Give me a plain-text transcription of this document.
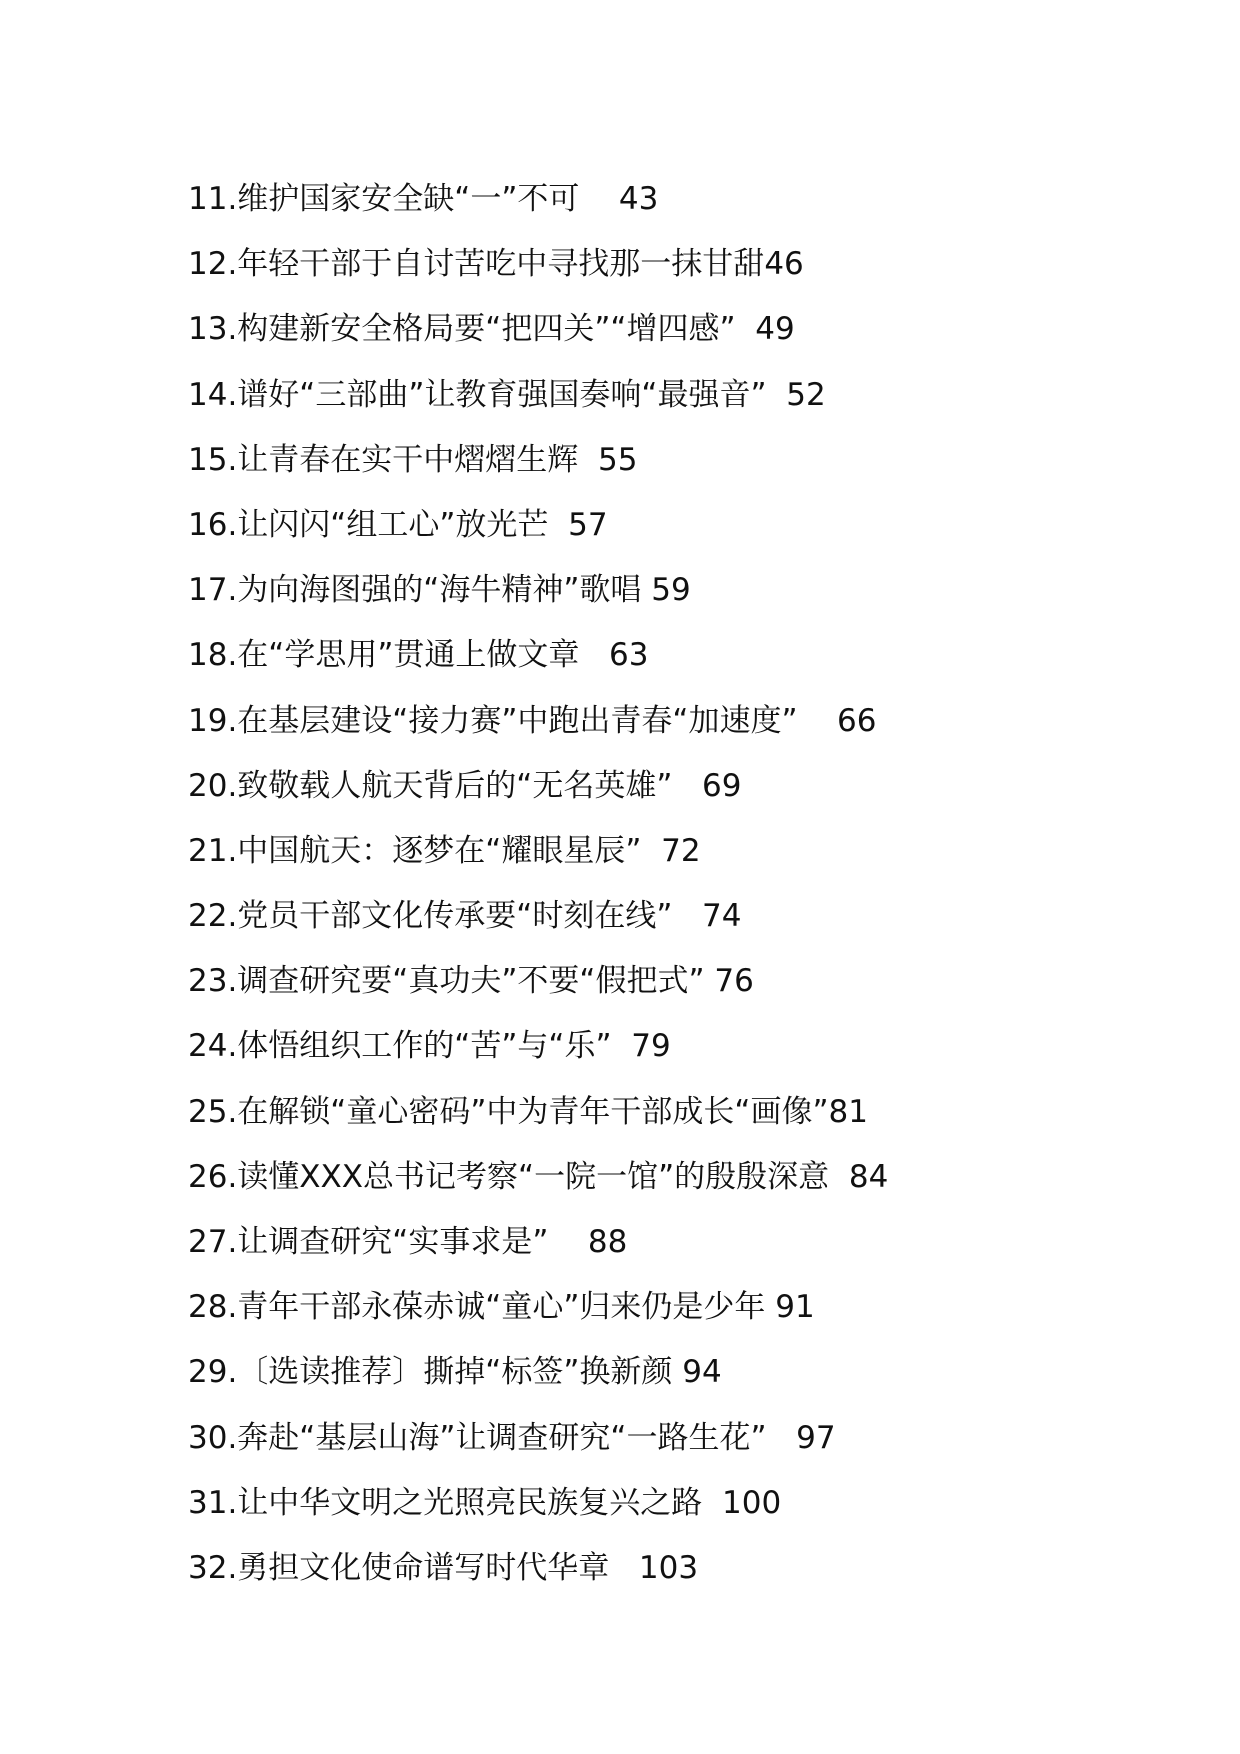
11.维护国家安全缺“一”不可 43
12.年轻干部于自讨苦吃中寻找那一抹甘甜46
13.构建新安全格局要“把四关”“增四感” 49
14.谱好“三部曲”让教育强国奏响“最强音” 52
15.让青春在实干中熠熠生辉 55
16.让闪闪“组工心”放光芒 57
17.为向海图强的“海牛精神”歌唱 59
18.在“学思用”贯通上做文章 63
19.在基层建设“接力赛”中跑出青春“加速度” 66
20.致敬载人航天背后的“无名英雄” 69
21.中国航天：逐梦在“耀眼星辰” 72
22.党员干部文化传承要“时刻在线” 74
23.调查研究要“真功夫”不要“假把式” 76
24.体悟组织工作的“苦”与“乐” 79
25.在解锁“童心密码”中为青年干部成长“画像”81
26.读懂XXX总书记考察“一院一馆”的殷殷深意 84
27.让调查研究“实事求是” 88
28.青年干部永葆赤诚“童心”归来仍是少年 91
29.〔选读推荐〕撕掉“标签”换新颜 94
30.奔赴“基层山海”让调查研究“一路生花” 97
31.让中华文明之光照亮民族复兴之路 100
32.勇担文化使命谱写时代华章 103
